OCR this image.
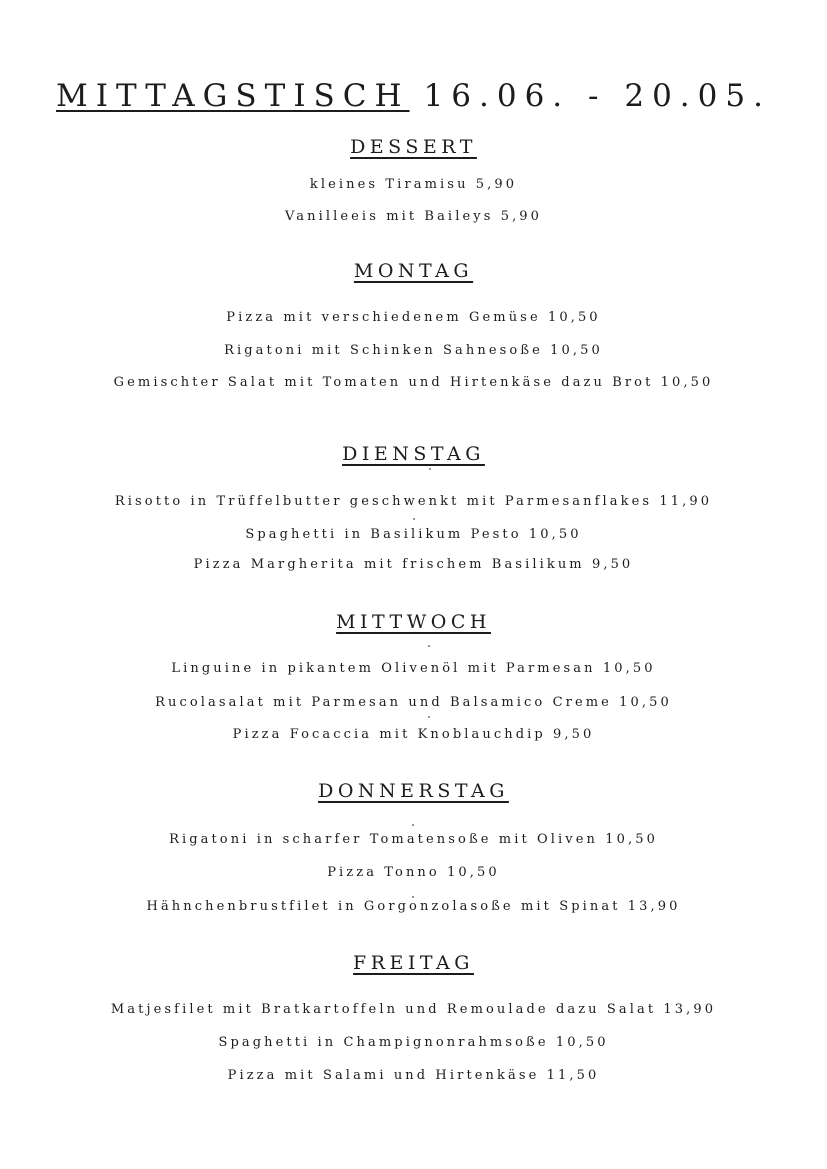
MITTAGSTISCH 16.06. - 20.05.
DESSERT
kleines Tiramisu 5,90
Vanilleeis mit Baileys 5,90
MONTAG
Pizza mit verschiedenem Gemüse 10,50
Rigatoni mit Schinken Sahnesoße 10,50
Gemischter Salat mit Tomaten und Hirtenkäse dazu Brot 10,50
DIENSTAG
Risotto in Trüffelbutter geschwenkt mit Parmesanflakes 11,90
Spaghetti in Basilikum Pesto 10,50
Pizza Margherita mit frischem Basilikum 9,50
MITTWOCH
Linguine in pikantem Olivenöl mit Parmesan 10,50
Rucolasalat mit Parmesan und Balsamico Creme 10,50
Pizza Focaccia mit Knoblauchdip 9,50
DONNERSTAG
Rigatoni in scharfer Tomatensoße mit Oliven 10,50
Pizza Tonno 10,50
Hähnchenbrustfilet in Gorgonzolasoße mit Spinat 13,90
FREITAG
Matjesfilet mit Bratkartoffeln und Remoulade dazu Salat 13,90
Spaghetti in Champignonrahmsoße 10,50
Pizza mit Salami und Hirtenkäse 11,50
